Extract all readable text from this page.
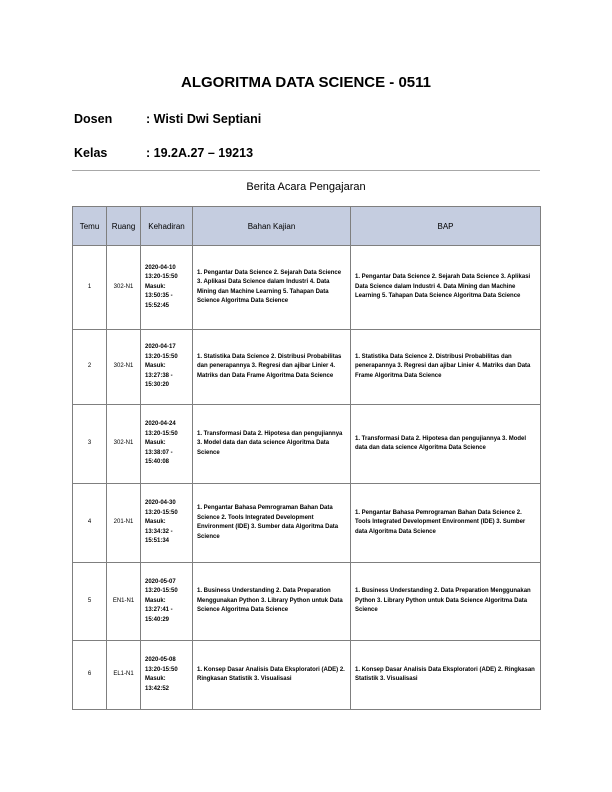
ALGORITMA DATA SCIENCE - 0511
Dosen	: Wisti Dwi Septiani
Kelas	: 19.2A.27 – 19213
Berita Acara Pengajaran
Temu	Ruang	Kehadiran	Bahan Kajian	BAP
1	302-N1	2020-04-10 13:20-15:50 Masuk: 13:50:35 - 15:52:45	1. Pengantar Data Science 2. Sejarah Data Science 3. Aplikasi Data Science dalam Industri 4. Data Mining dan Machine Learning 5. Tahapan Data Science Algoritma Data Science	1. Pengantar Data Science 2. Sejarah Data Science 3. Aplikasi Data Science dalam Industri 4. Data Mining dan Machine Learning 5. Tahapan Data Science Algoritma Data Science
2	302-N1	2020-04-17 13:20-15:50 Masuk: 13:27:38 - 15:30:20	1. Statistika Data Science 2. Distribusi Probabilitas dan penerapannya 3. Regresi dan ajibar Linier 4. Matriks dan Data Frame Algoritma Data Science	1. Statistika Data Science 2. Distribusi Probabilitas dan penerapannya 3. Regresi dan ajibar Linier 4. Matriks dan Data Frame Algoritma Data Science
3	302-N1	2020-04-24 13:20-15:50 Masuk: 13:38:07 - 15:40:08	1. Transformasi Data 2. Hipotesa dan pengujiannya 3. Model data dan data science Algoritma Data Science	1. Transformasi Data 2. Hipotesa dan pengujiannya 3. Model data dan data science Algoritma Data Science
4	201-N1	2020-04-30 13:20-15:50 Masuk: 13:34:32 - 15:51:34	1. Pengantar Bahasa Pemrograman Bahan Data Science 2. Tools Integrated Development Environment (IDE) 3. Sumber data Algoritma Data Science	1. Pengantar Bahasa Pemrograman Bahan Data Science 2. Tools Integrated Development Environment (IDE) 3. Sumber data Algoritma Data Science
5	EN1-N1	2020-05-07 13:20-15:50 Masuk: 13:27:41 - 15:40:29	1. Business Understanding 2. Data Preparation Menggunakan Python 3. Library Python untuk Data Science Algoritma Data Science	1. Business Understanding 2. Data Preparation Menggunakan Python 3. Library Python untuk Data Science Algoritma Data Science
6	EL1-N1	2020-05-08 13:20-15:50 Masuk: 13:42:52	1. Konsep Dasar Analisis Data Eksploratori (ADE) 2. Ringkasan Statistik 3. Visualisasi	1. Konsep Dasar Analisis Data Eksploratori (ADE) 2. Ringkasan Statistik 3. Visualisasi
